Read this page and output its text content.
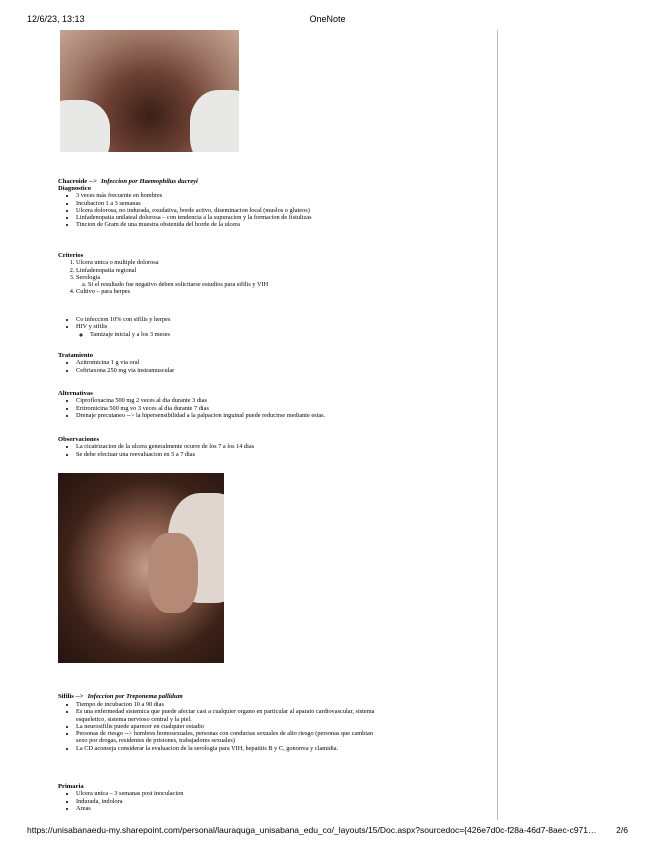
12/6/23, 13:13	OneNote
Chacroide --> Infeccion por Haemophilus ducreyi
Diagnostico
• 3 veces más frecuente en hombres
• Incubacion 1 a 3 semanas
• Ulcera dolorosa, no indurada, exudativa, borde activo, diseminacion local (muslos o gluteos)
• Linfadenopatia unilateal dolorosa – con tendencia a la supuracion y la formacion de fistulizas
• Tincion de Gram de una muestra obstenida del borde de la ulcera
Criterios
1. Ulcera unica o multiple dolorosa
2. Linfadenopatia regional
3. Serologia
a. Si el resultado fue negativo deben solicitarse estudios para sifilis y VIH
4. Cultivo – para herpes
• Co infeccion 10% con sifilis y herpes
• HIV y sifilis
◦ Tamizaje inicial y a los 3 meses
Tratamiento
• Azitromicina 1 g via oral
• Ceftriaxona 250 mg via instramuscular
Alternativas
• Ciprofloxacina 500 mg 2 veces al dia durante 3 dias
• Eritromicina 500 mg vo 3 veces al dia durante 7 dias
• Drenaje precutaneo --> la hipersensibilidad a la palpacion inguinal puede reducirse mediante estas.
Observaciones
• La cicatrizacion de la ulcera generalmente ocurre de los 7 a los 14 dias
• Se debe efectuar una reevaluacion en 5 a 7 dias
Sifilis --> Infeccion por Treponema pallidum
• Tiempo de incubacion 10 a 90 dias
• Es una enfermedad sistemica que puede afectar casi a cualquier organo en particular al aparato cardiovascular, sistema esqueletico, sistema nervioso central y la piel.
• La neurosifilis puede aparecer en cualquier estadio
• Personas de riesgo --> hombres homosexuales, personas con conductas sexuales de alto riesgo (personas que cambian sexo por drogas, residentes de prisiones, trabajadores sexuales)
• La CD aconseja considerar la evaluacion de la serologia para VIH, hepatitis B y C, gonorrea y clamidia.
Primaria
• Ulcera unica – 3 semanas post inoculacion
• Indurada, indolora
• Areas
https://unisabanaedu-my.sharepoint.com/personal/lauraquga_unisabana_edu_co/_layouts/15/Doc.aspx?sourcedoc={426e7d0c-f28a-46d7-8aec-c971… 2/6
